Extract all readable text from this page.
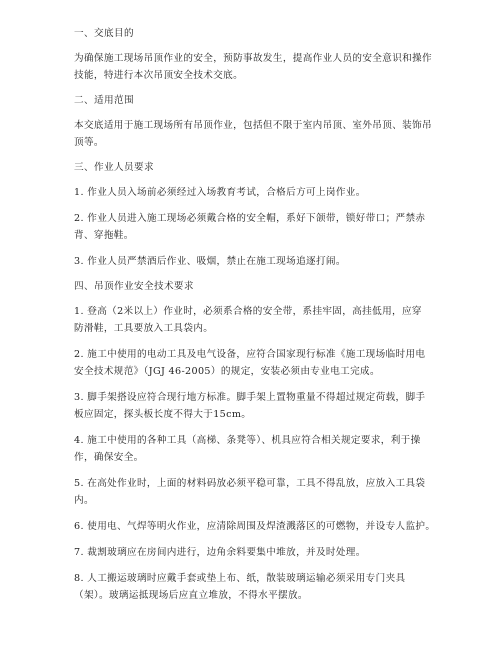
一、交底目的
为确保施工现场吊顶作业的安全，预防事故发生，提高作业人员的安全意识和操作
技能，特进行本次吊顶安全技术交底。
二、适用范围
本交底适用于施工现场所有吊顶作业，包括但不限于室内吊顶、室外吊顶、装饰吊
顶等。
三、作业人员要求
1. 作业人员入场前必须经过入场教育考试，合格后方可上岗作业。
2. 作业人员进入施工现场必须戴合格的安全帽，系好下颌带，锁好带口；严禁赤
背、穿拖鞋。
3. 作业人员严禁酒后作业、吸烟，禁止在施工现场追逐打闹。
四、吊顶作业安全技术要求
1. 登高（2米以上）作业时，必须系合格的安全带，系挂牢固，高挂低用，应穿
防滑鞋，工具要放入工具袋内。
2. 施工中使用的电动工具及电气设备，应符合国家现行标准《施工现场临时用电
安全技术规范》（JGJ 46-2005）的规定，安装必须由专业电工完成。
3. 脚手架搭设应符合现行地方标准。脚手架上置物重量不得超过规定荷载，脚手
板应固定，探头板长度不得大于15cm。
4. 施工中使用的各种工具（高梯、条凳等）、机具应符合相关规定要求，利于操
作，确保安全。
5. 在高处作业时，上面的材料码放必须平稳可靠，工具不得乱放，应放入工具袋
内。
6. 使用电、气焊等明火作业，应清除周围及焊渣溅落区的可燃物，并设专人监护。
7. 裁割玻璃应在房间内进行，边角余料要集中堆放，并及时处理。
8. 人工搬运玻璃时应戴手套或垫上布、纸，散装玻璃运输必须采用专门夹具
（架）。玻璃运抵现场后应直立堆放，不得水平摆放。
